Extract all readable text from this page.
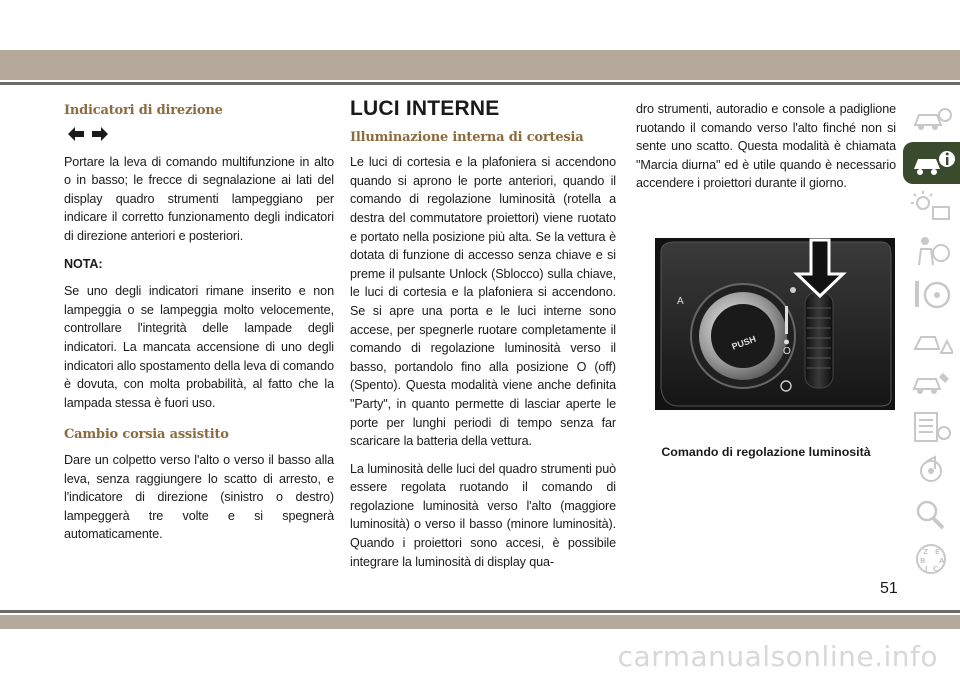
Indicatori di direzione

Portare la leva di comando multifunzione in alto o in basso; le frecce di segnalazione ai lati del display quadro strumenti lampeggiano per indicare il corretto funzionamento degli indicatori di direzione anteriori e posteriori.

NOTA:

Se uno degli indicatori rimane inserito e non lampeggia o se lampeggia molto velocemente, controllare l'integrità delle lampade degli indicatori. La mancata accensione di uno degli indicatori allo spostamento della leva di comando è dovuta, con molta probabilità, al fatto che la lampada stessa è fuori uso.

Cambio corsia assistito

Dare un colpetto verso l'alto o verso il basso alla leva, senza raggiungere lo scatto di arresto, e l'indicatore di direzione (sinistro o destro) lampeggerà tre volte e si spegnerà automaticamente.

LUCI INTERNE
Illuminazione interna di cortesia

Le luci di cortesia e la plafoniera si accendono quando si aprono le porte anteriori, quando il comando di regolazione luminosità (rotella a destra del commutatore proiettori) viene ruotato e portato nella posizione più alta. Se la vettura è dotata di funzione di accesso senza chiave e si preme il pulsante Unlock (Sblocco) sulla chiave, le luci di cortesia e la plafoniera si accendono. Se si apre una porta e le luci interne sono accese, per spegnerle ruotare completamente il comando di regolazione luminosità verso il basso, portandolo fino alla posizione O (off) (Spento). Questa modalità viene anche definita "Party", in quanto permette di lasciar aperte le porte per lunghi periodi di tempo senza far scaricare la batteria della vettura.

La luminosità delle luci del quadro strumenti può essere regolata ruotando il comando di regolazione luminosità verso l'alto (maggiore luminosità) o verso il basso (minore luminosità). Quando i proiettori sono accesi, è possibile integrare la luminosità di display qua-

dro strumenti, autoradio e console a padiglione ruotando il comando verso l'alto finché non si sente uno scatto. Questa modalità è chiamata "Marcia diurna" ed è utile quando è necessario accendere i proiettori durante il giorno.

PUSH
A
O
Comando di regolazione luminosità
Z E
B A
I C
51
carmanualsonline.info
